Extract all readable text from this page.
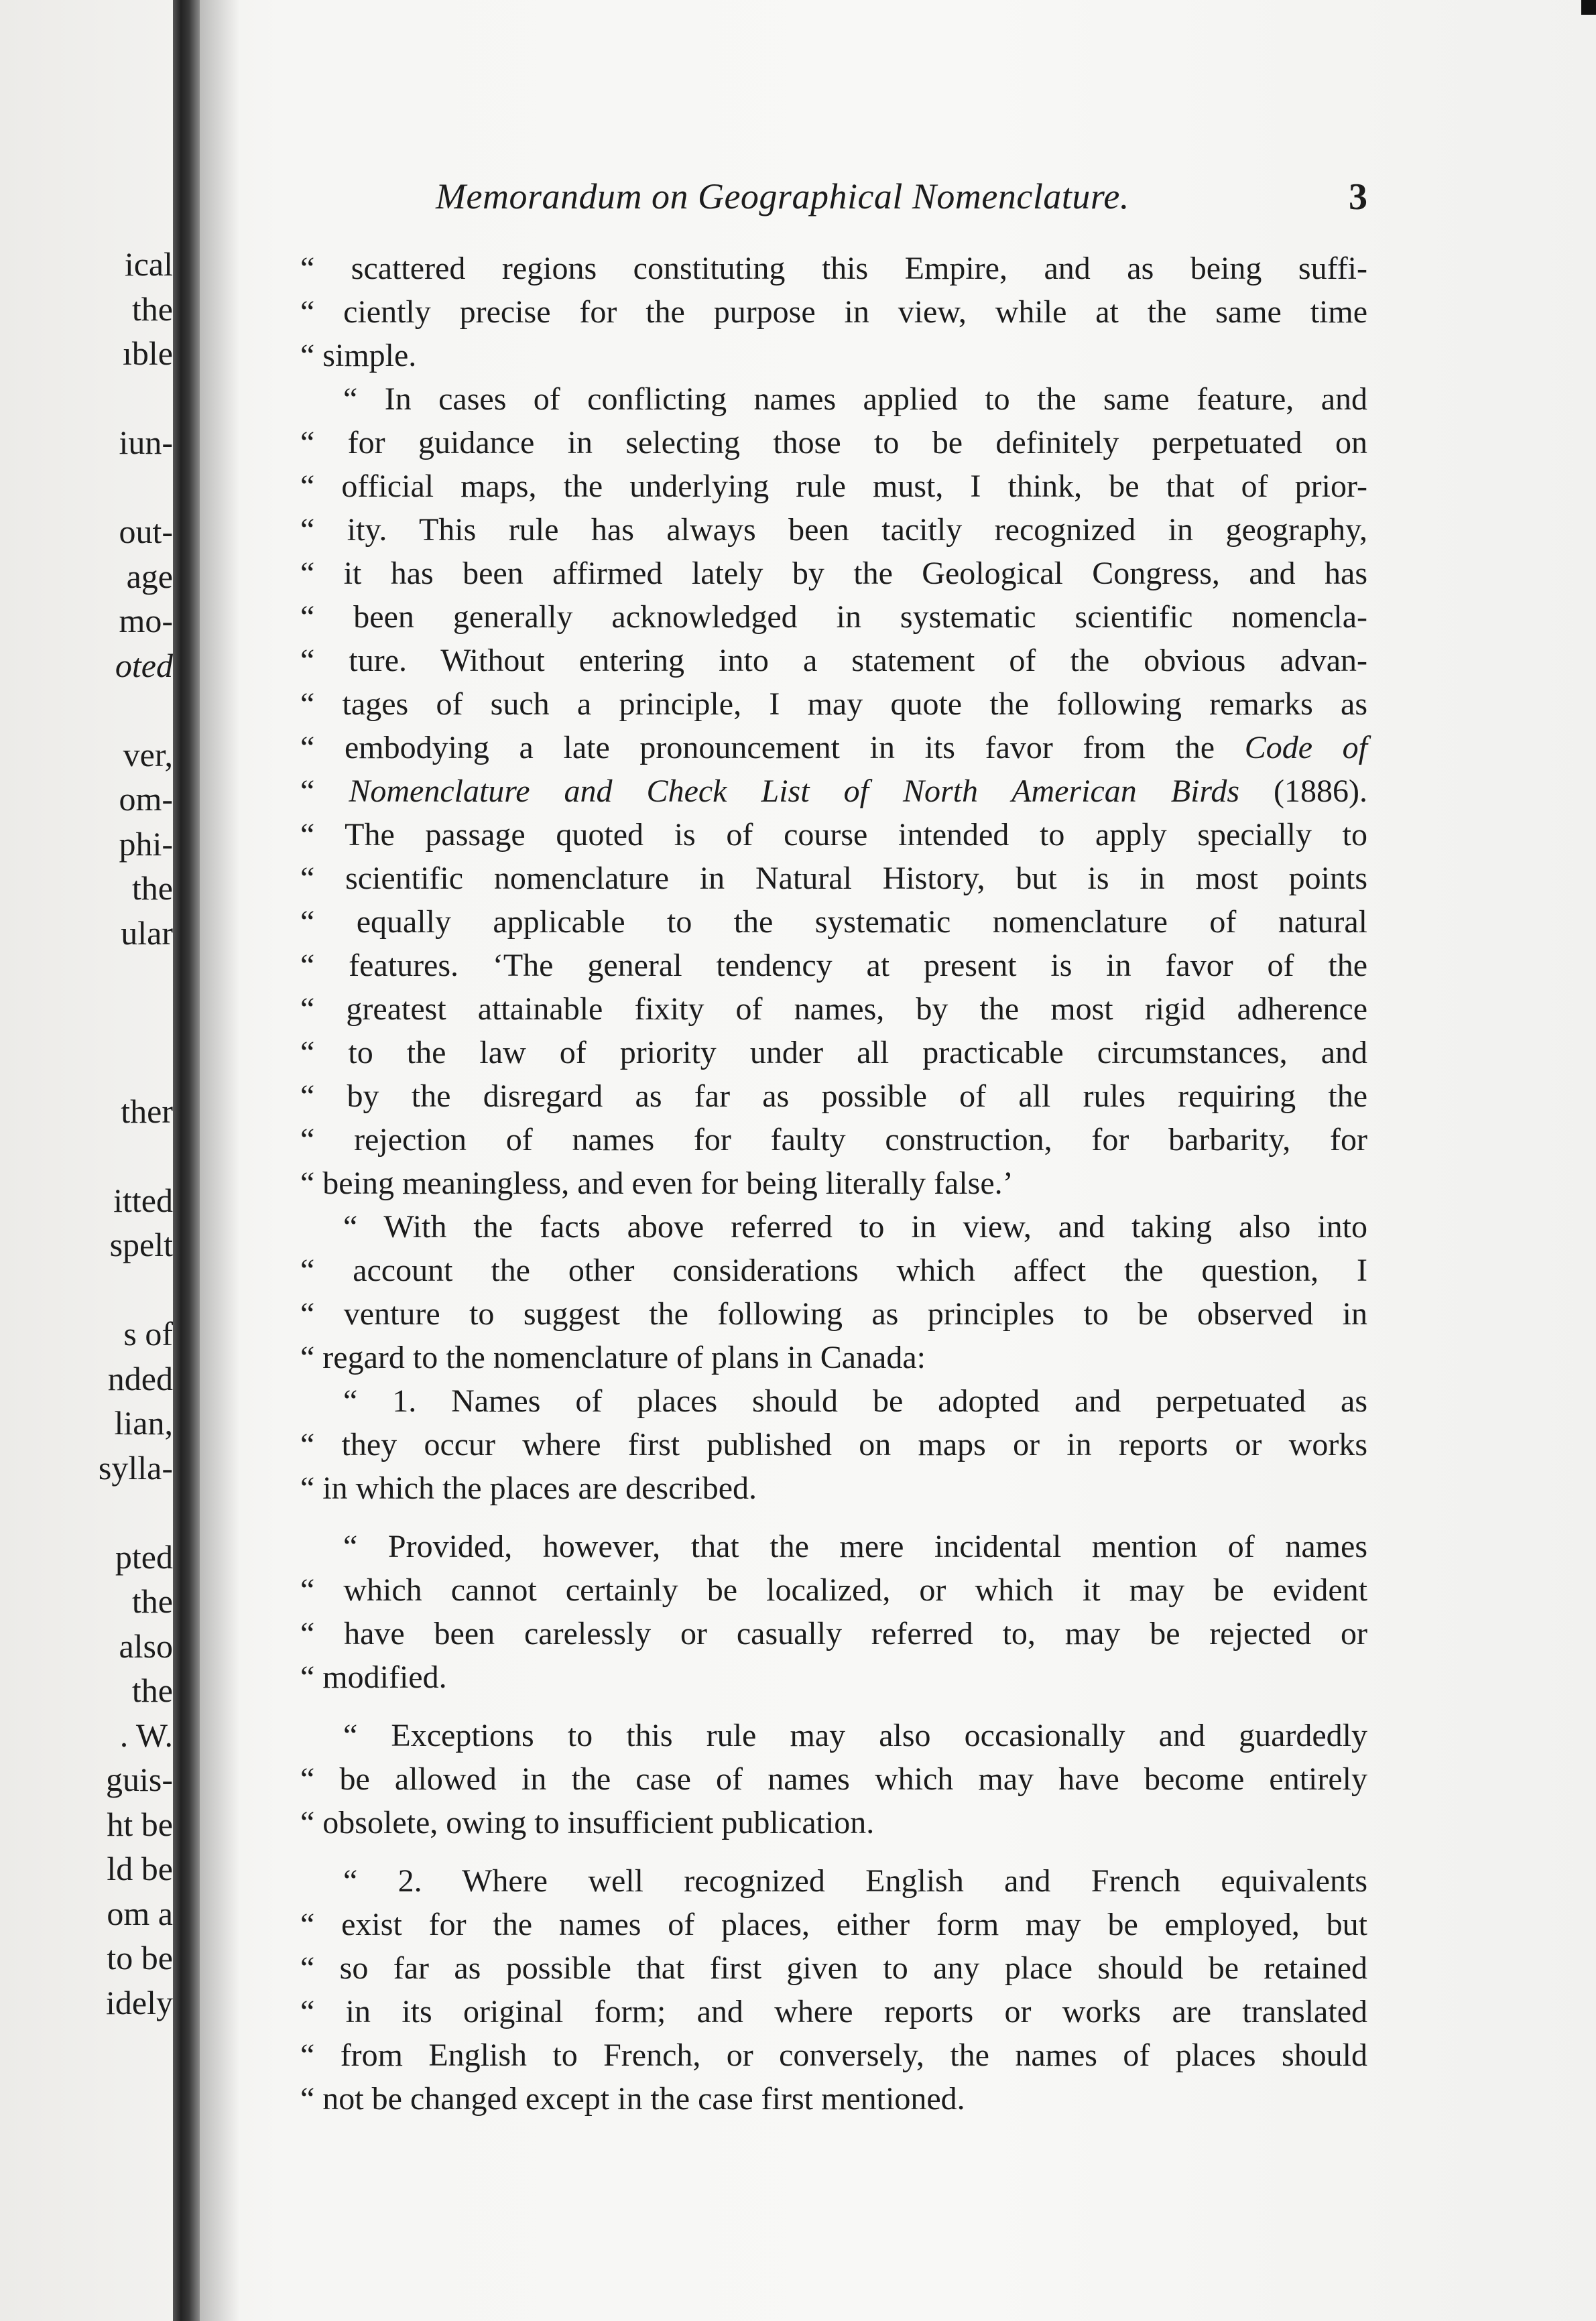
ical
the
ıble
iun-
out-
age
mo-
oted
ver,
om-
phi-
the
ular
ther
itted
spelt
s of
nded
lian,
sylla-
pted
the
also
the
. W.
guis-
ht be
ld be
om a
to be
idely
Memorandum on Geographical Nomenclature.	3
“ scattered regions constituting this Empire, and as being suffi-
“ ciently precise for the purpose in view, while at the same time
“ simple.
“ In cases of conflicting names applied to the same feature, and
“ for guidance in selecting those to be definitely perpetuated on
“ official maps, the underlying rule must, I think, be that of prior-
“ ity. This rule has always been tacitly recognized in geography,
“ it has been affirmed lately by the Geological Congress, and has
“ been generally acknowledged in systematic scientific nomencla-
“ ture. Without entering into a statement of the obvious advan-
“ tages of such a principle, I may quote the following remarks as
“ embodying a late pronouncement in its favor from the Code of
“ Nomenclature and Check List of North American Birds (1886).
“ The passage quoted is of course intended to apply specially to
“ scientific nomenclature in Natural History, but is in most points
“ equally applicable to the systematic nomenclature of natural
“ features. ‘The general tendency at present is in favor of the
“ greatest attainable fixity of names, by the most rigid adherence
“ to the law of priority under all practicable circumstances, and
“ by the disregard as far as possible of all rules requiring the
“ rejection of names for faulty construction, for barbarity, for
“ being meaningless, and even for being literally false.’
“ With the facts above referred to in view, and taking also into
“ account the other considerations which affect the question, I
“ venture to suggest the following as principles to be observed in
“ regard to the nomenclature of plans in Canada:
“ 1. Names of places should be adopted and perpetuated as
“ they occur where first published on maps or in reports or works
“ in which the places are described.
“ Provided, however, that the mere incidental mention of names
“ which cannot certainly be localized, or which it may be evident
“ have been carelessly or casually referred to, may be rejected or
“ modified.
“ Exceptions to this rule may also occasionally and guardedly
“ be allowed in the case of names which may have become entirely
“ obsolete, owing to insufficient publication.
“ 2. Where well recognized English and French equivalents
“ exist for the names of places, either form may be employed, but
“ so far as possible that first given to any place should be retained
“ in its original form; and where reports or works are translated
“ from English to French, or conversely, the names of places should
“ not be changed except in the case first mentioned.
